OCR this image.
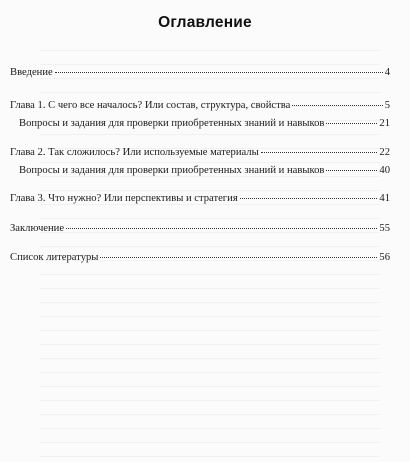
Оглавление
Введение	4
Глава 1. С чего все началось? Или состав, структура, свойства	5
Вопросы и задания для проверки приобретенных знаний и навыков	21
Глава 2. Так сложилось? Или используемые материалы	22
Вопросы и задания для проверки приобретенных знаний и навыков	40
Глава 3. Что нужно? Или перспективы и стратегия	41
Заключение	55
Список литературы	56
